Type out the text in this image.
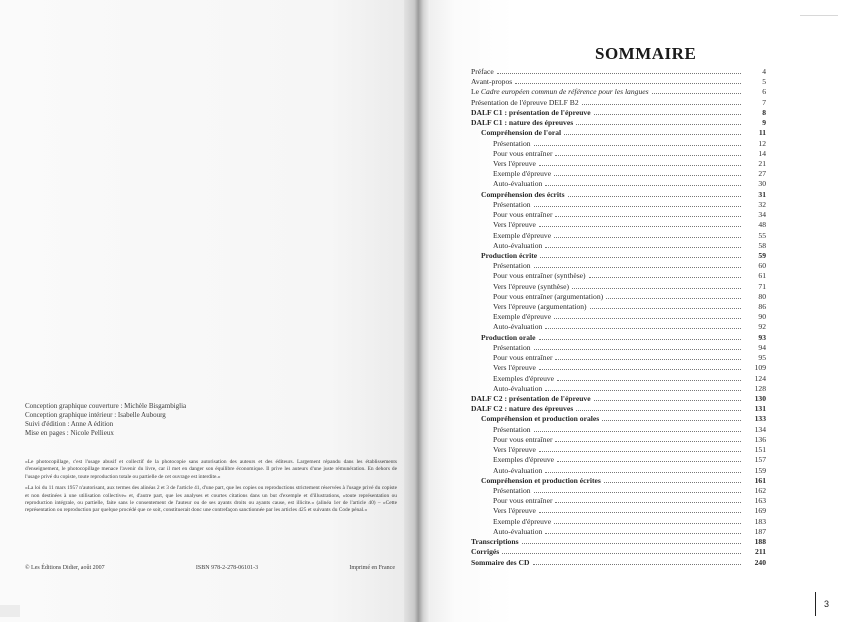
Conception graphique couverture : Michèle Bisgambiglia
Conception graphique intérieur : Isabelle Aubourg
Suivi d'édition : Anne A édition
Mise en pages : Nicole Pellieux

«Le photocopillage, c'est l'usage abusif et collectif de la photocopie sans autorisation des auteurs et des éditeurs. Largement répandu dans les établissements d'enseignement, le photocopillage menace l'avenir du livre, car il met en danger son équilibre économique. Il prive les auteurs d'une juste rémunération. En dehors de l'usage privé du copiste, toute reproduction totale ou partielle de cet ouvrage est interdite.»

«La loi du 11 mars 1957 n'autorisant, aux termes des alinéas 2 et 3 de l'article 41, d'une part, que les copies ou reproductions strictement réservées à l'usage privé du copiste et non destinées à une utilisation collective» et, d'autre part, que les analyses et courtes citations dans un but d'exemple et d'illustrations, «toute représentation ou reproduction intégrale, ou partielle, faite sans le consentement de l'auteur ou de ses ayants droits ou ayants cause, est illicite.» (alinéa 1er de l'article 40) – «Cette représentation ou reproduction par quelque procédé que ce soit, constituerait donc une contrefaçon sanctionnée par les articles 425 et suivants du Code pénal.»

© Les Éditions Didier, août 2007	ISBN 978-2-278-06101-3	Imprimé en France
SOMMAIRE
Préface	4
Avant-propos	5
Le Cadre européen commun de référence pour les langues	6
Présentation de l'épreuve DELF B2	7
DALF C1 : présentation de l'épreuve	8
DALF C1 : nature des épreuves	9
Compréhension de l'oral	11
Présentation	12
Pour vous entraîner	14
Vers l'épreuve	21
Exemple d'épreuve	27
Auto-évaluation	30
Compréhension des écrits	31
Présentation	32
Pour vous entraîner	34
Vers l'épreuve	48
Exemple d'épreuve	55
Auto-évaluation	58
Production écrite	59
Présentation	60
Pour vous entraîner (synthèse)	61
Vers l'épreuve (synthèse)	71
Pour vous entraîner (argumentation)	80
Vers l'épreuve (argumentation)	86
Exemple d'épreuve	90
Auto-évaluation	92
Production orale	93
Présentation	94
Pour vous entraîner	95
Vers l'épreuve	109
Exemples d'épreuve	124
Auto-évaluation	128
DALF C2 : présentation de l'épreuve	130
DALF C2 : nature des épreuves	131
Compréhension et production orales	133
Présentation	134
Pour vous entraîner	136
Vers l'épreuve	151
Exemples d'épreuve	157
Auto-évaluation	159
Compréhension et production écrites	161
Présentation	162
Pour vous entraîner	163
Vers l'épreuve	169
Exemple d'épreuve	183
Auto-évaluation	187
Transcriptions	188
Corrigés	211
Sommaire des CD	240
3
